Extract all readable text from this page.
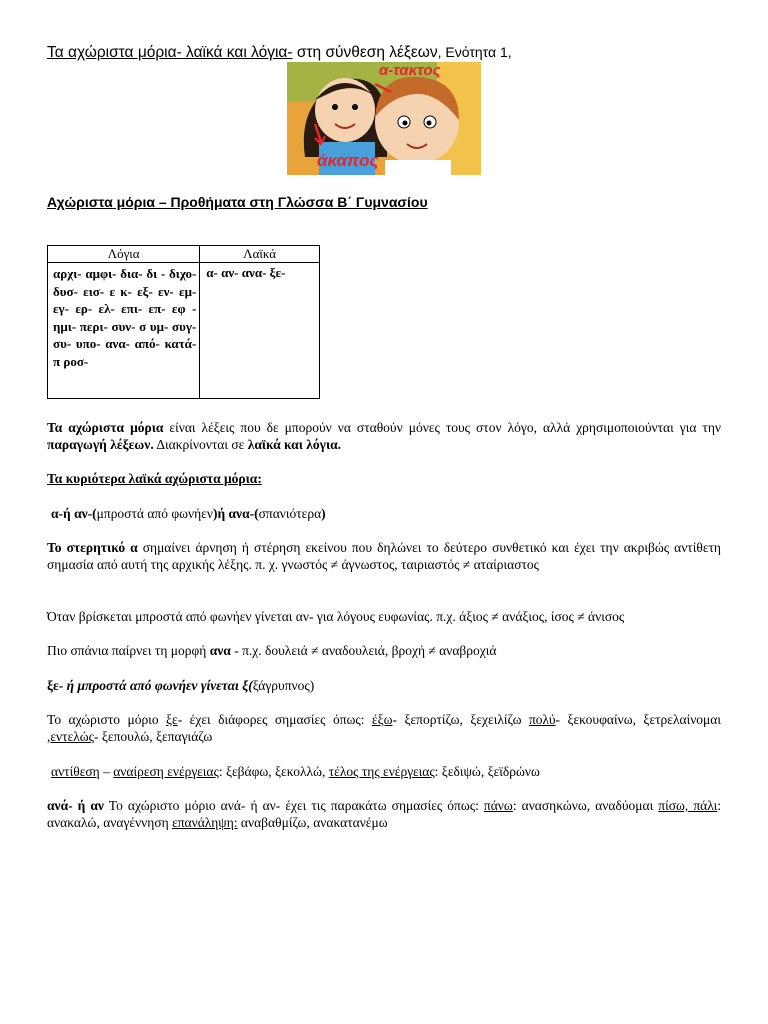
Τα αχώριστα μόρια- λαϊκά και λόγια- στη σύνθεση λέξεων, Ενότητα 1,
α-τακτος
άκαπος
Αχώριστα μόρια – Προθήματα στη Γλώσσα Β΄ Γυμνασίου
Λόγια	Λαϊκά
αρχι- αμφι- δια- δι - διχο- δυσ- εισ- ε κ- εξ- εν- εμ- εγ- ερ- ελ- επι- επ- εφ - ημι- περι- συν- σ υμ- συγ- συ- υπο- ανα- από- κατά- π ροσ-	α- αν- ανα- ξε-
Τα αχώριστα μόρια είναι λέξεις που δε μπορούν να σταθούν μόνες τους στον λόγο, αλλά χρησιμοποιούνται για την παραγωγή λέξεων. Διακρίνονται σε λαϊκά και λόγια.
Τα κυριότερα λαϊκά αχώριστα μόρια:
α-ή αν-(μπροστά από φωνήεν)ή ανα-(σπανιότερα)
Το στερητικό α σημαίνει άρνηση ή στέρηση εκείνου που δηλώνει το δεύτερο συνθετικό και έχει την ακριβώς αντίθετη σημασία από αυτή της αρχικής λέξης. π. χ. γνωστός ≠ άγνωστος, ταιριαστός ≠ αταίριαστος
Όταν βρίσκεται μπροστά από φωνήεν γίνεται αν- για λόγους ευφωνίας. π.χ. άξιος ≠ ανάξιος, ίσος ≠ άνισος
Πιο σπάνια παίρνει τη μορφή ανα - π.χ. δουλειά ≠ αναδουλειά, βροχή ≠ αναβροχιά
ξε- ή μπροστά από φωνήεν γίνεται ξ(ξάγρυπνος)
Το αχώριστο μόριο ξε- έχει διάφορες σημασίες όπως: έξω- ξεπορτίζω, ξεχειλίζω πολύ- ξεκουφαίνω, ξετρελαίνομαι ,εντελώς- ξεπουλώ, ξεπαγιάζω
αντίθεση – αναίρεση ενέργειας: ξεβάφω, ξεκολλώ, τέλος της ενέργειας: ξεδιψώ, ξεϊδρώνω
ανά- ή αν Το αχώριστο μόριο ανά- ή αν- έχει τις παρακάτω σημασίες όπως: πάνω: ανασηκώνω, αναδύομαι πίσω, πάλι: ανακαλώ, αναγέννηση επανάληψη: αναβαθμίζω, ανακατανέμω
